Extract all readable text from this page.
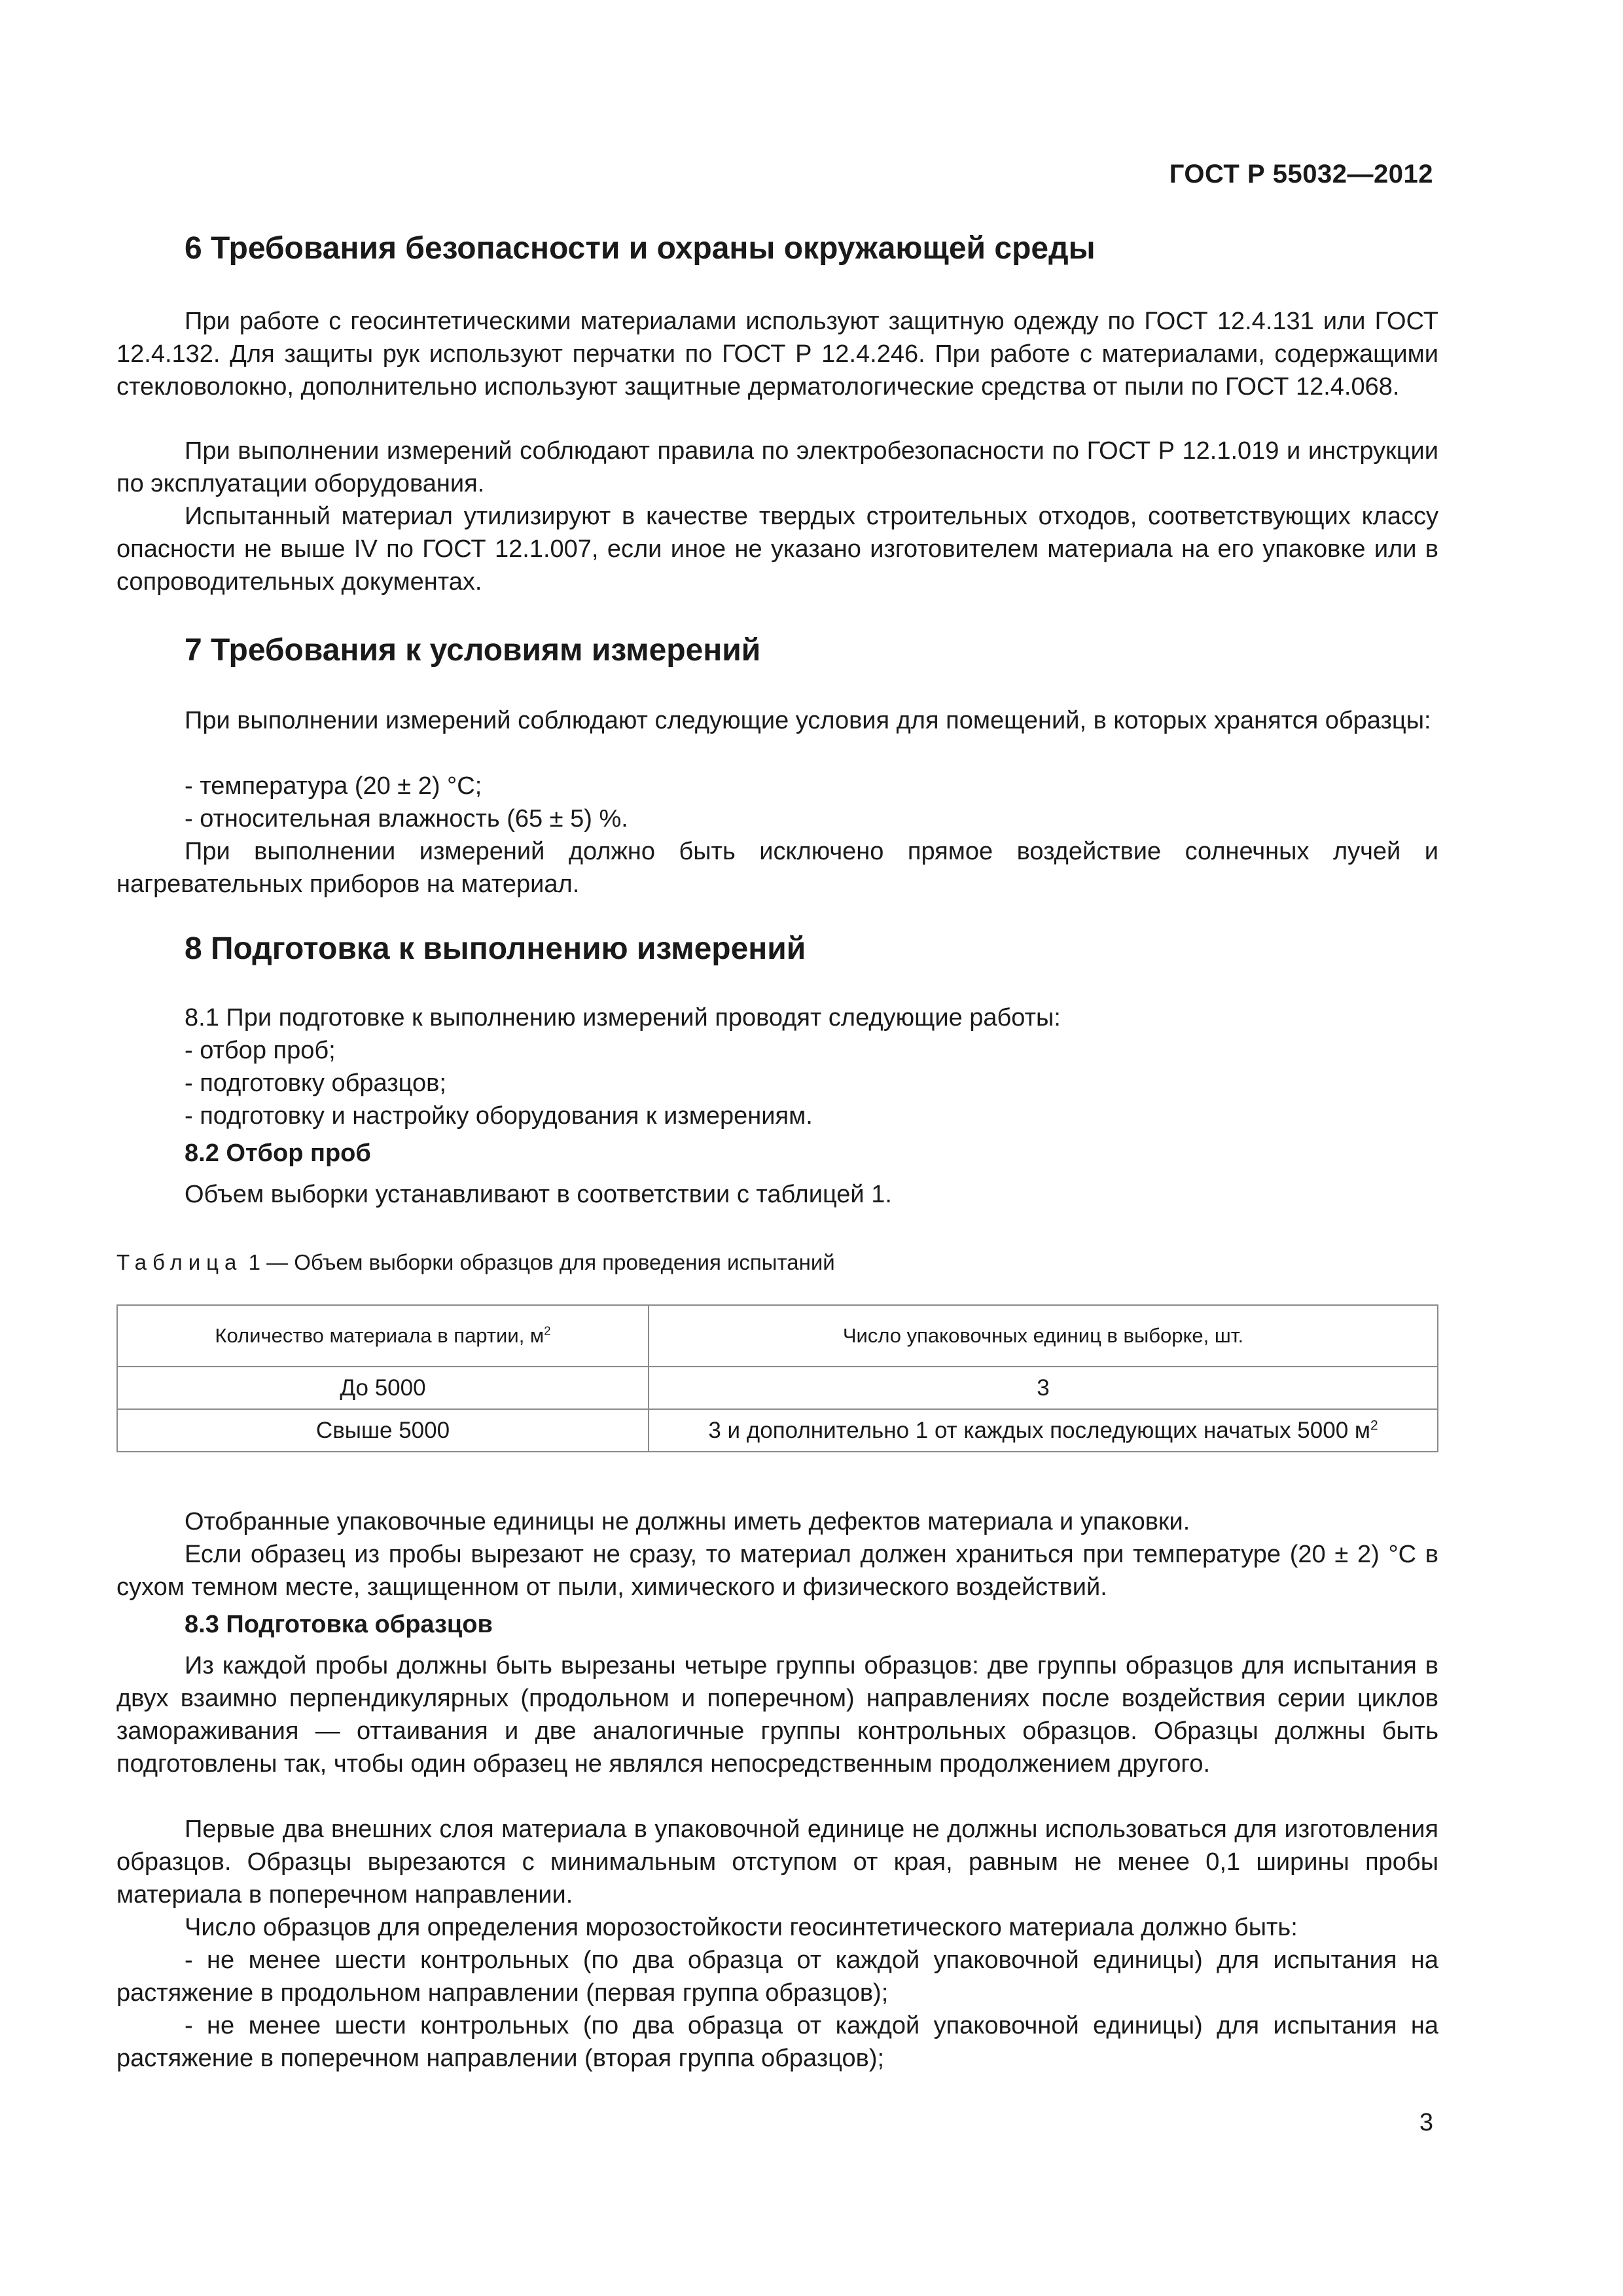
ГОСТ Р 55032—2012
6 Требования безопасности и охраны окружающей среды

При работе с геосинтетическими материалами используют защитную одежду по ГОСТ 12.4.131 или ГОСТ 12.4.132. Для защиты рук используют перчатки по ГОСТ Р 12.4.246. При работе с материалами, содержащими стекловолокно, дополнительно используют защитные дерматологические средства от пыли по ГОСТ 12.4.068.

При выполнении измерений соблюдают правила по электробезопасности по ГОСТ Р 12.1.019 и инструкции по эксплуатации оборудования.

Испытанный материал утилизируют в качестве твердых строительных отходов, соответствующих классу опасности не выше IV по ГОСТ 12.1.007, если иное не указано изготовителем материала на его упаковке или в сопроводительных документах.

7 Требования к условиям измерений

При выполнении измерений соблюдают следующие условия для помещений, в которых хранятся образцы:

- температура (20 ± 2) °С;

- относительная влажность (65 ± 5) %.

При выполнении измерений должно быть исключено прямое воздействие солнечных лучей и нагревательных приборов на материал.

8 Подготовка к выполнению измерений

8.1 При подготовке к выполнению измерений проводят следующие работы:

- отбор проб;

- подготовку образцов;

- подготовку и настройку оборудования к измерениям.

8.2 Отбор проб

Объем выборки устанавливают в соответствии с таблицей 1.

Таблица 1 — Объем выборки образцов для проведения испытаний

Количество материала в партии, $м^2$	Число упаковочных единиц в выборке, шт.
До 5000	3
Свыше 5000	3 и дополнительно 1 от каждых последующих начатых 5000 $м^2$

Отобранные упаковочные единицы не должны иметь дефектов материала и упаковки.

Если образец из пробы вырезают не сразу, то материал должен храниться при температуре (20 ± 2) °С в сухом темном месте, защищенном от пыли, химического и физического воздействий.

8.3 Подготовка образцов

Из каждой пробы должны быть вырезаны четыре группы образцов: две группы образцов для испытания в двух взаимно перпендикулярных (продольном и поперечном) направлениях после воздействия серии циклов замораживания — оттаивания и две аналогичные группы контрольных образцов. Образцы должны быть подготовлены так, чтобы один образец не являлся непосредственным продолжением другого.

Первые два внешних слоя материала в упаковочной единице не должны использоваться для изготовления образцов. Образцы вырезаются с минимальным отступом от края, равным не менее 0,1 ширины пробы материала в поперечном направлении.

Число образцов для определения морозостойкости геосинтетического материала должно быть:

- не менее шести контрольных (по два образца от каждой упаковочной единицы) для испытания на растяжение в продольном направлении (первая группа образцов);

- не менее шести контрольных (по два образца от каждой упаковочной единицы) для испытания на растяжение в поперечном направлении (вторая группа образцов);

3
